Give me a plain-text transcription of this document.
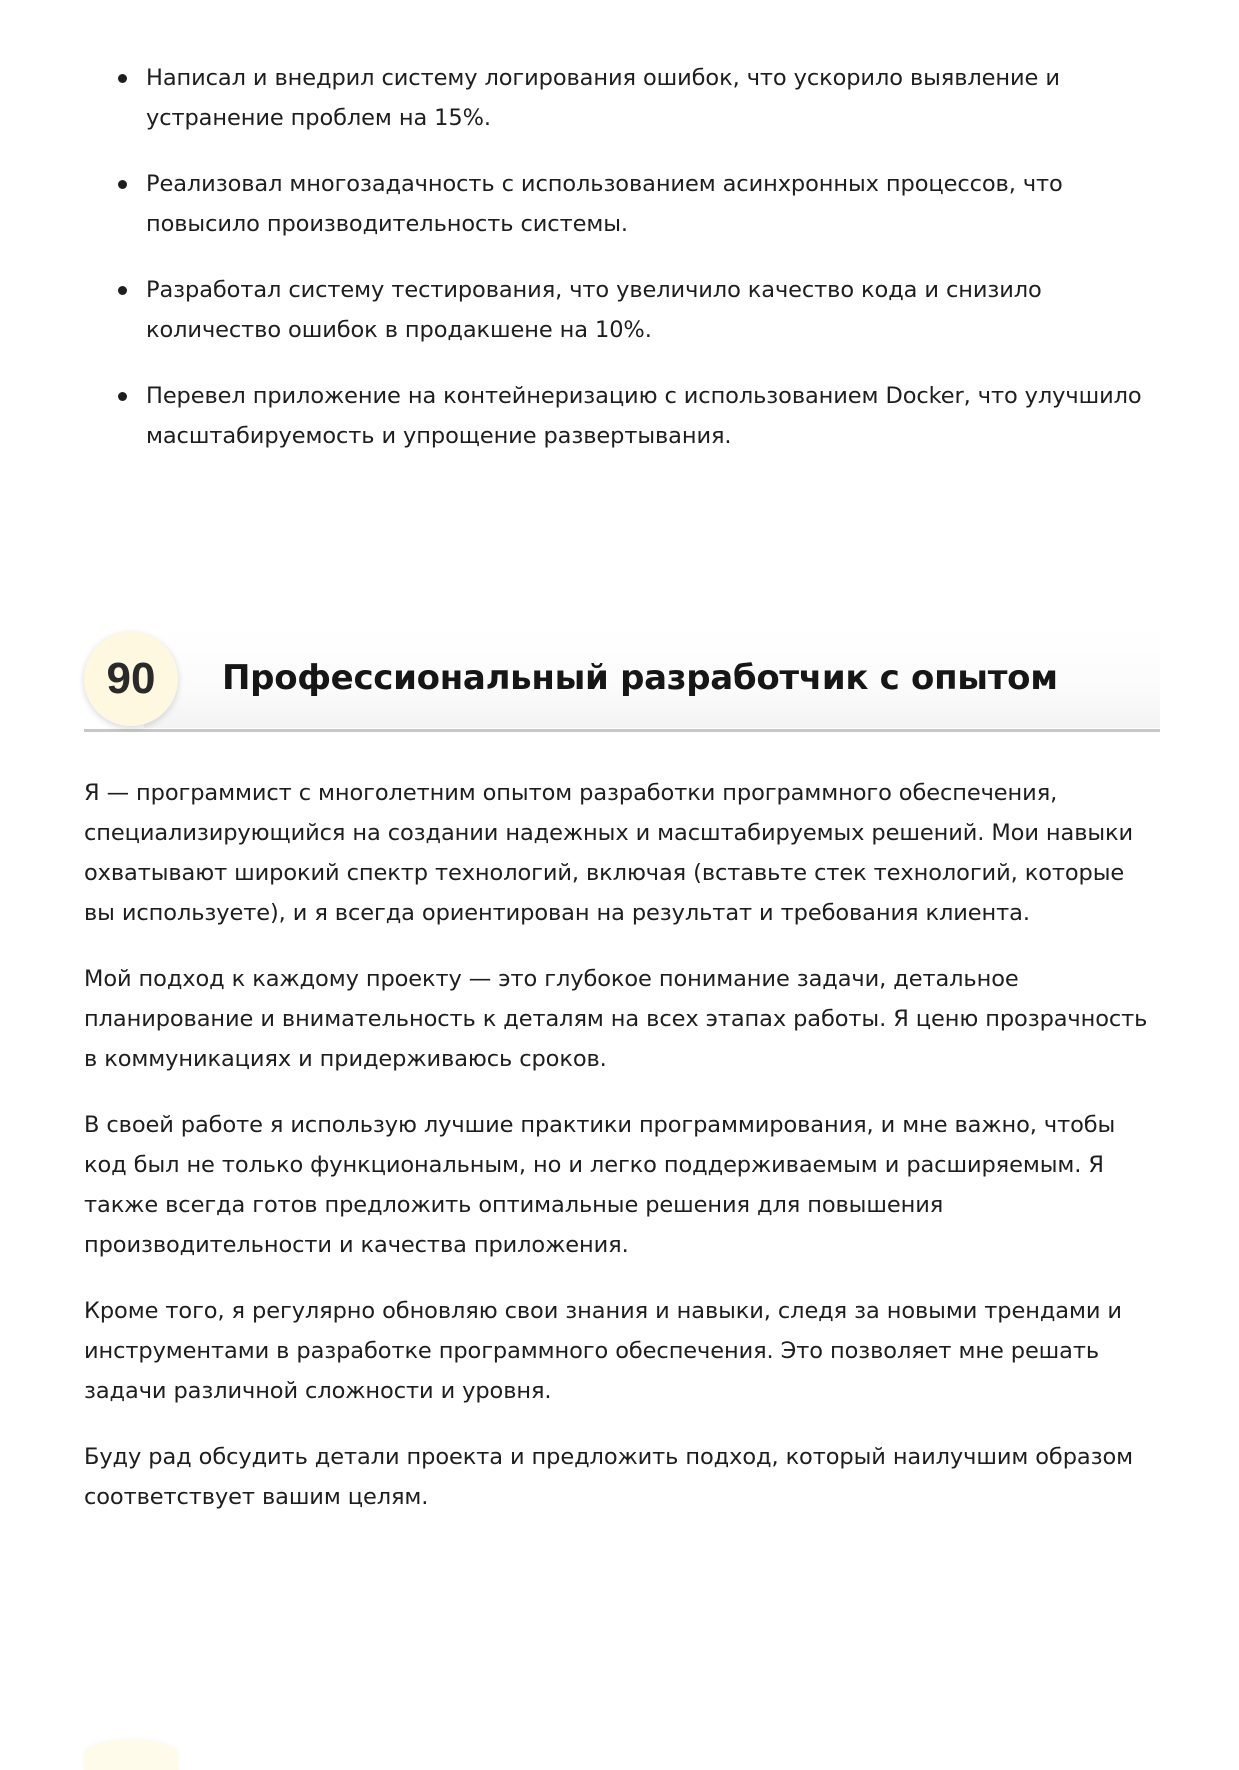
Написал и внедрил систему логирования ошибок, что ускорило выявление и устранение проблем на 15%.
Реализовал многозадачность с использованием асинхронных процессов, что повысило производительность системы.
Разработал систему тестирования, что увеличило качество кода и снизило количество ошибок в продакшене на 10%.
Перевел приложение на контейнеризацию с использованием Docker, что улучшило масштабируемость и упрощение развертывания.
90	Профессиональный разработчик с опытом

Я — программист с многолетним опытом разработки программного обеспечения, специализирующийся на создании надежных и масштабируемых решений. Мои навыки охватывают широкий спектр технологий, включая (вставьте стек технологий, которые вы используете), и я всегда ориентирован на результат и требования клиента.

Мой подход к каждому проекту — это глубокое понимание задачи, детальное планирование и внимательность к деталям на всех этапах работы. Я ценю прозрачность в коммуникациях и придерживаюсь сроков.

В своей работе я использую лучшие практики программирования, и мне важно, чтобы код был не только функциональным, но и легко поддерживаемым и расширяемым. Я также всегда готов предложить оптимальные решения для повышения производительности и качества приложения.

Кроме того, я регулярно обновляю свои знания и навыки, следя за новыми трендами и инструментами в разработке программного обеспечения. Это позволяет мне решать задачи различной сложности и уровня.

Буду рад обсудить детали проекта и предложить подход, который наилучшим образом соответствует вашим целям.
